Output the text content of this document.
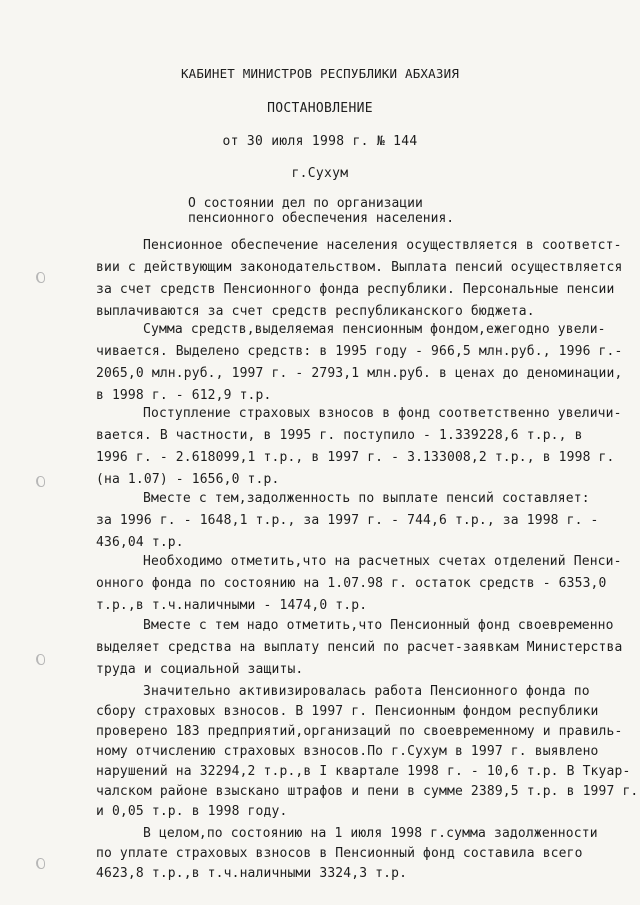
КАБИНЕТ МИНИСТРОВ РЕСПУБЛИКИ АБХАЗИЯ
ПОСТАНОВЛЕНИЕ
от 30 июля 1998 г. № 144
г.Сухум
О состоянии дел по организации
пенсионного обеспечения населения.
Пенсионное обеспечение населения осуществляется в соответст-
вии с действующим законодательством. Выплата пенсий осуществляется
за счет средств Пенсионного фонда республики. Персональные пенсии
выплачиваются за счет средств республиканского бюджета.
Сумма средств,выделяемая пенсионным фондом,ежегодно увели-
чивается. Выделено средств: в 1995 году - 966,5 млн.руб., 1996 г.-
2065,0 млн.руб., 1997 г. - 2793,1 млн.руб. в ценах до деноминации,
в 1998 г. - 612,9 т.р.
Поступление страховых взносов в фонд соответственно увеличи-
вается. В частности, в 1995 г. поступило - 1.339228,6 т.р., в
1996 г. - 2.618099,1 т.р., в 1997 г. - 3.133008,2 т.р., в 1998 г.
(на 1.07) - 1656,0 т.р.
Вместе с тем,задолженность по выплате пенсий составляет:
за 1996 г. - 1648,1 т.р., за 1997 г. - 744,6 т.р., за 1998 г. -
436,04 т.р.
Необходимо отметить,что на расчетных счетах отделений Пенси-
онного фонда по состоянию на 1.07.98 г. остаток средств - 6353,0
т.р.,в т.ч.наличными - 1474,0 т.р.
Вместе с тем надо отметить,что Пенсионный фонд своевременно
выделяет средства на выплату пенсий по расчет-заявкам Министерства
труда и социальной защиты.
Значительно активизировалась работа Пенсионного фонда по
сбору страховых взносов. В 1997 г. Пенсионным фондом республики
проверено 183 предприятий,организаций по своевременному и правиль-
ному отчислению страховых взносов.По г.Сухум в 1997 г. выявлено
нарушений на 32294,2 т.р.,в I квартале 1998 г. - 10,6 т.р. В Ткуар-
чалском районе взыскано штрафов и пени в сумме 2389,5 т.р. в 1997 г.
и 0,05 т.р. в 1998 году.
В целом,по состоянию на 1 июля 1998 г.сумма задолженности
по уплате страховых взносов в Пенсионный фонд составила всего
4623,8 т.р.,в т.ч.наличными 3324,3 т.р.
